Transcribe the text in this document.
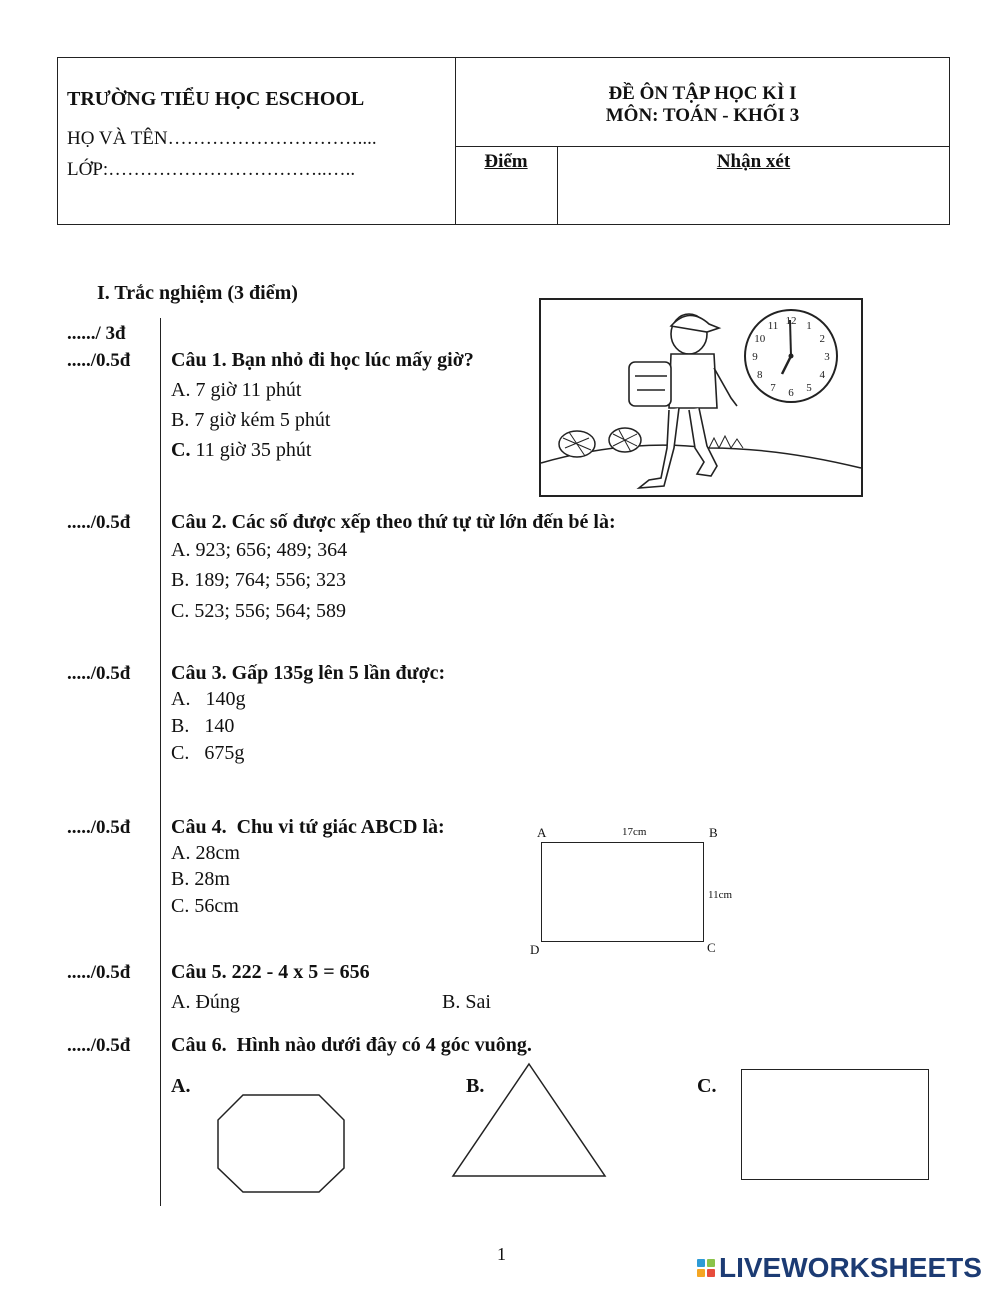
TRƯỜNG TIỂU HỌC ESCHOOL
HỌ VÀ TÊN…………………………....
LỚP:……………………………..…..
ĐỀ ÔN TẬP HỌC KÌ I
MÔN: TOÁN - KHỐI 3
Điểm	Nhận xét
I. Trắc nghiệm (3 điểm)
....../ 3đ
...../0.5đ Câu 1. Bạn nhỏ đi học lúc mấy giờ?
A. 7 giờ 11 phút
B. 7 giờ kém 5 phút
C. 11 giờ 35 phút
12 1
2
3
4
5
6
7
8
9
10
11
...../0.5đ Câu 2. Các số được xếp theo thứ tự từ lớn đến bé là:
A. 923; 656; 489; 364
B. 189; 764; 556; 323
C. 523; 556; 564; 589
...../0.5đ Câu 3. Gấp 135g lên 5 lần được:
A.   140g
B.   140
C.   675g
...../0.5đ Câu 4.  Chu vi tứ giác ABCD là:
A. 28cm
B. 28m
C. 56cm
A	B
C
D
17cm
11cm
...../0.5đ Câu 5. 222 - 4 x 5 = 656
A. Đúng	B. Sai
...../0.5đ Câu 6.  Hình nào dưới đây có 4 góc vuông.
A.	B.	C.
1	LIVEWORKSHEETS
